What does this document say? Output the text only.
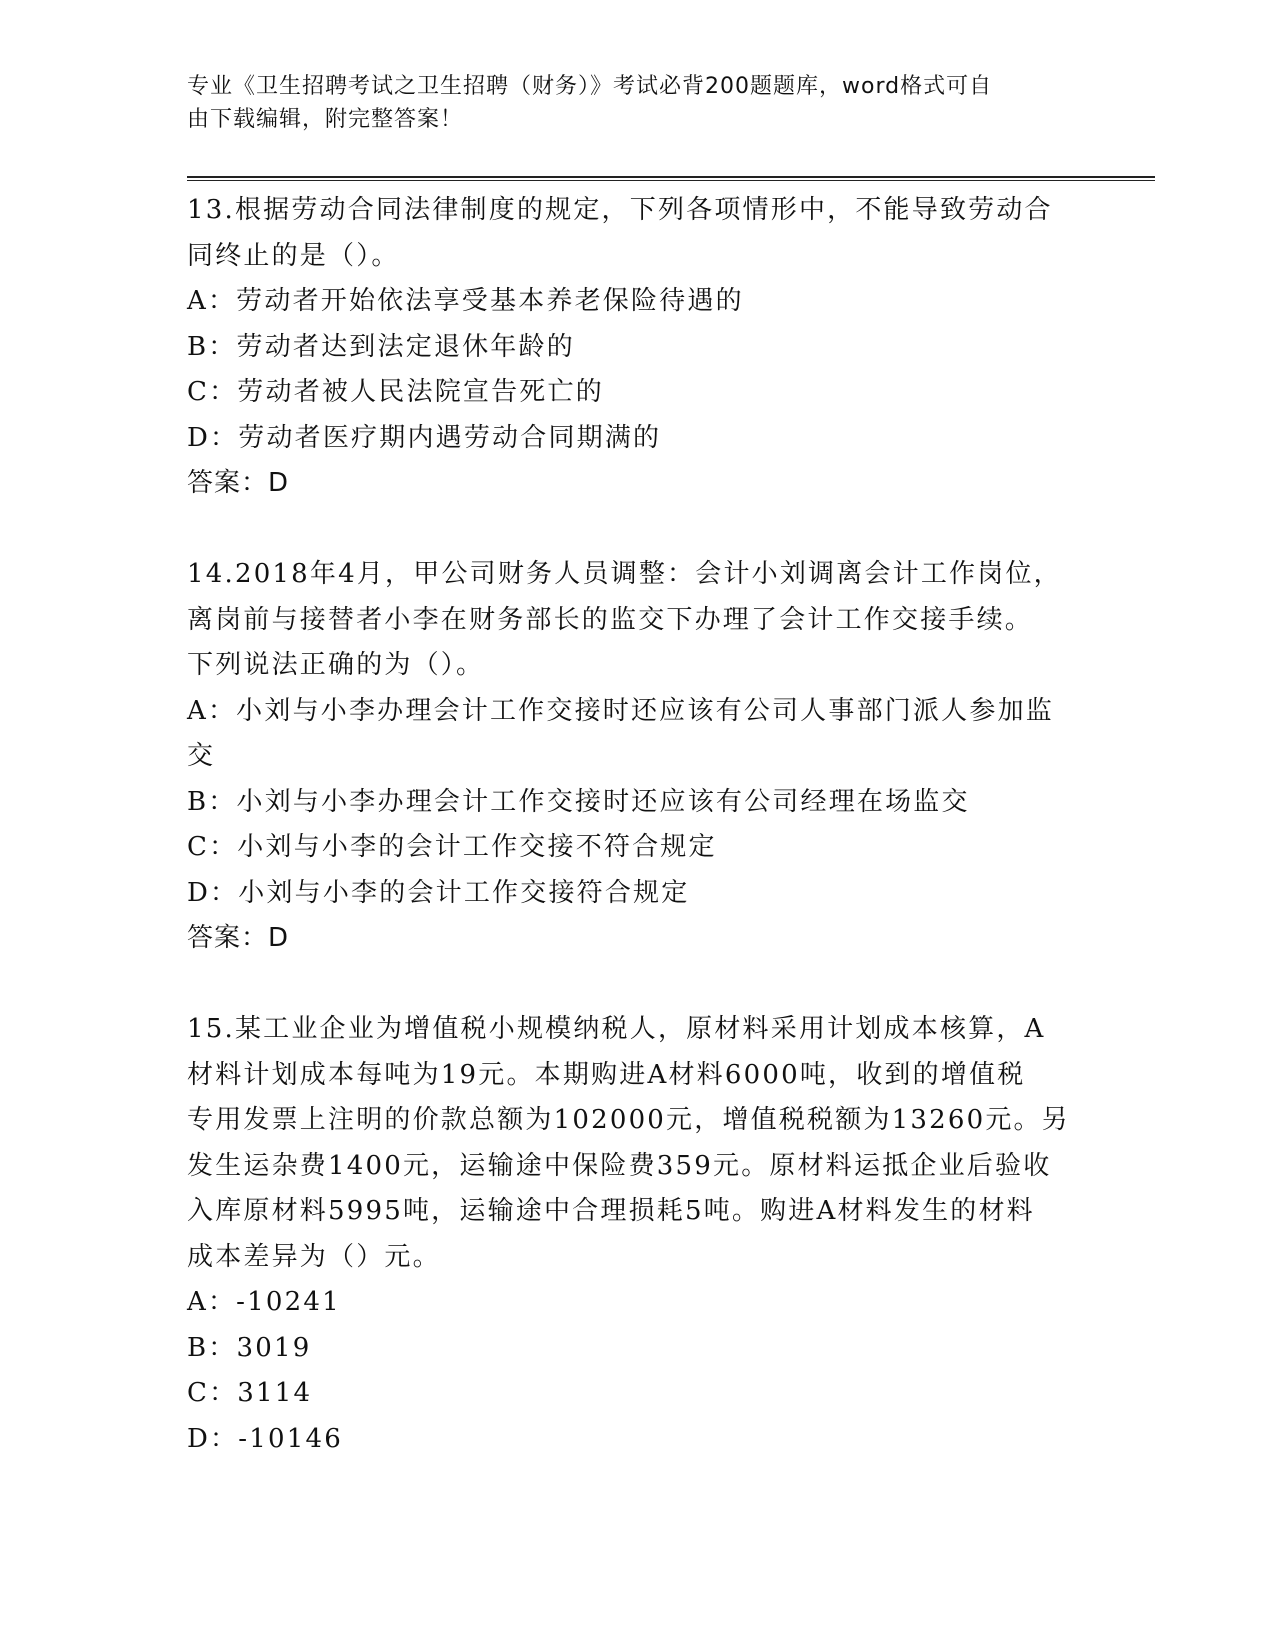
专业《卫生招聘考试之卫生招聘（财务）》考试必背200题题库，word格式可自
由下载编辑，附完整答案！
13.根据劳动合同法律制度的规定，下列各项情形中，不能导致劳动合
同终止的是（）。
A：劳动者开始依法享受基本养老保险待遇的
B：劳动者达到法定退休年龄的
C：劳动者被人民法院宣告死亡的
D：劳动者医疗期内遇劳动合同期满的
答案：D
14.2018年4月，甲公司财务人员调整：会计小刘调离会计工作岗位，
离岗前与接替者小李在财务部长的监交下办理了会计工作交接手续。
下列说法正确的为（）。
A：小刘与小李办理会计工作交接时还应该有公司人事部门派人参加监
交
B：小刘与小李办理会计工作交接时还应该有公司经理在场监交
C：小刘与小李的会计工作交接不符合规定
D：小刘与小李的会计工作交接符合规定
答案：D
15.某工业企业为增值税小规模纳税人，原材料采用计划成本核算，A
材料计划成本每吨为19元。本期购进A材料6000吨，收到的增值税
专用发票上注明的价款总额为102000元，增值税税额为13260元。另
发生运杂费1400元，运输途中保险费359元。原材料运抵企业后验收
入库原材料5995吨，运输途中合理损耗5吨。购进A材料发生的材料
成本差异为（）元。
A：-10241
B：3019
C：3114
D：-10146
